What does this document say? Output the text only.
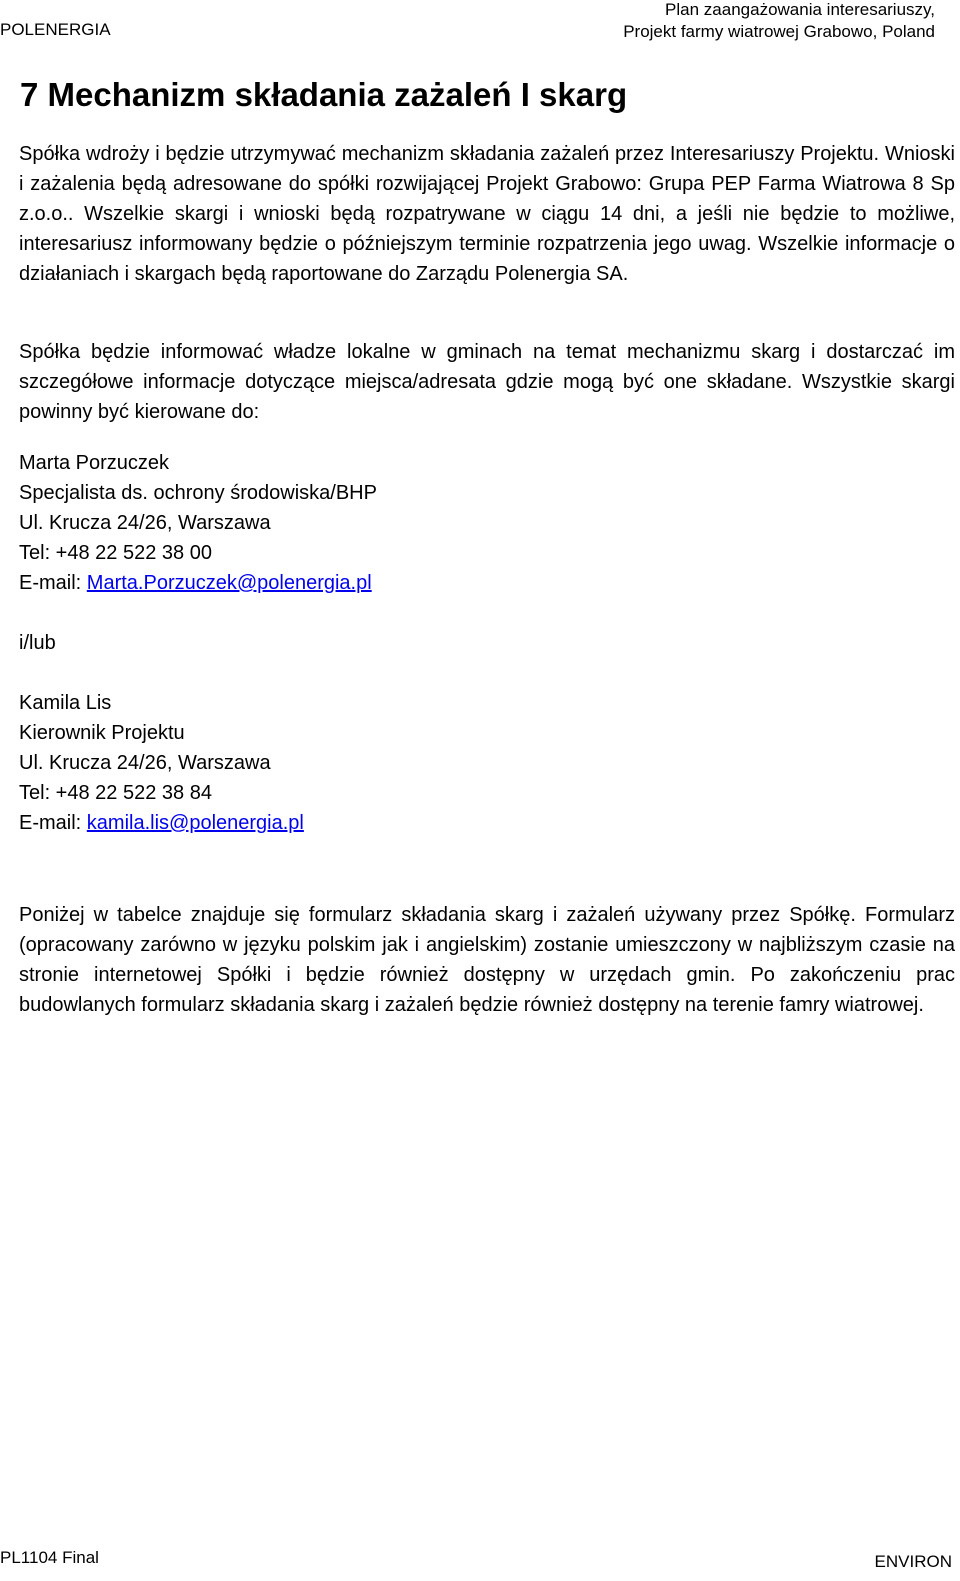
POLENERGIA
Plan zaangażowania interesariuszy,
Projekt farmy wiatrowej Grabowo, Poland
7 Mechanizm składania zażaleń I skarg

Spółka wdroży i będzie utrzymywać mechanizm składania zażaleń przez Interesariuszy Projektu. Wnioski i zażalenia będą adresowane do spółki rozwijającej Projekt Grabowo: Grupa PEP Farma Wiatrowa 8 Sp z.o.o.. Wszelkie skargi i wnioski będą rozpatrywane w ciągu 14 dni, a jeśli nie będzie to możliwe, interesariusz informowany będzie o późniejszym terminie rozpatrzenia jego uwag. Wszelkie informacje o działaniach i skargach będą raportowane do Zarządu Polenergia SA.

Spółka będzie informować władze lokalne w gminach na temat mechanizmu skarg i dostarczać im szczegółowe informacje dotyczące miejsca/adresata gdzie mogą być one składane. Wszystkie skargi powinny być kierowane do:

Marta Porzuczek
Specjalista ds. ochrony środowiska/BHP
Ul. Krucza 24/26, Warszawa
Tel: +48 22 522 38 00
E-mail: Marta.Porzuczek@polenergia.pl
i/lub
Kamila Lis
Kierownik Projektu
Ul. Krucza 24/26, Warszawa
Tel: +48 22 522 38 84
E-mail: kamila.lis@polenergia.pl

Poniżej w tabelce znajduje się formularz składania skarg i zażaleń używany przez Spółkę. Formularz (opracowany zarówno w języku polskim jak i angielskim) zostanie umieszczony w najbliższym czasie na stronie internetowej Spółki i będzie również dostępny w urzędach gmin. Po zakończeniu prac budowlanych formularz składania skarg i zażaleń będzie również dostępny na terenie famry wiatrowej.

PL1104 Final	ENVIRON
